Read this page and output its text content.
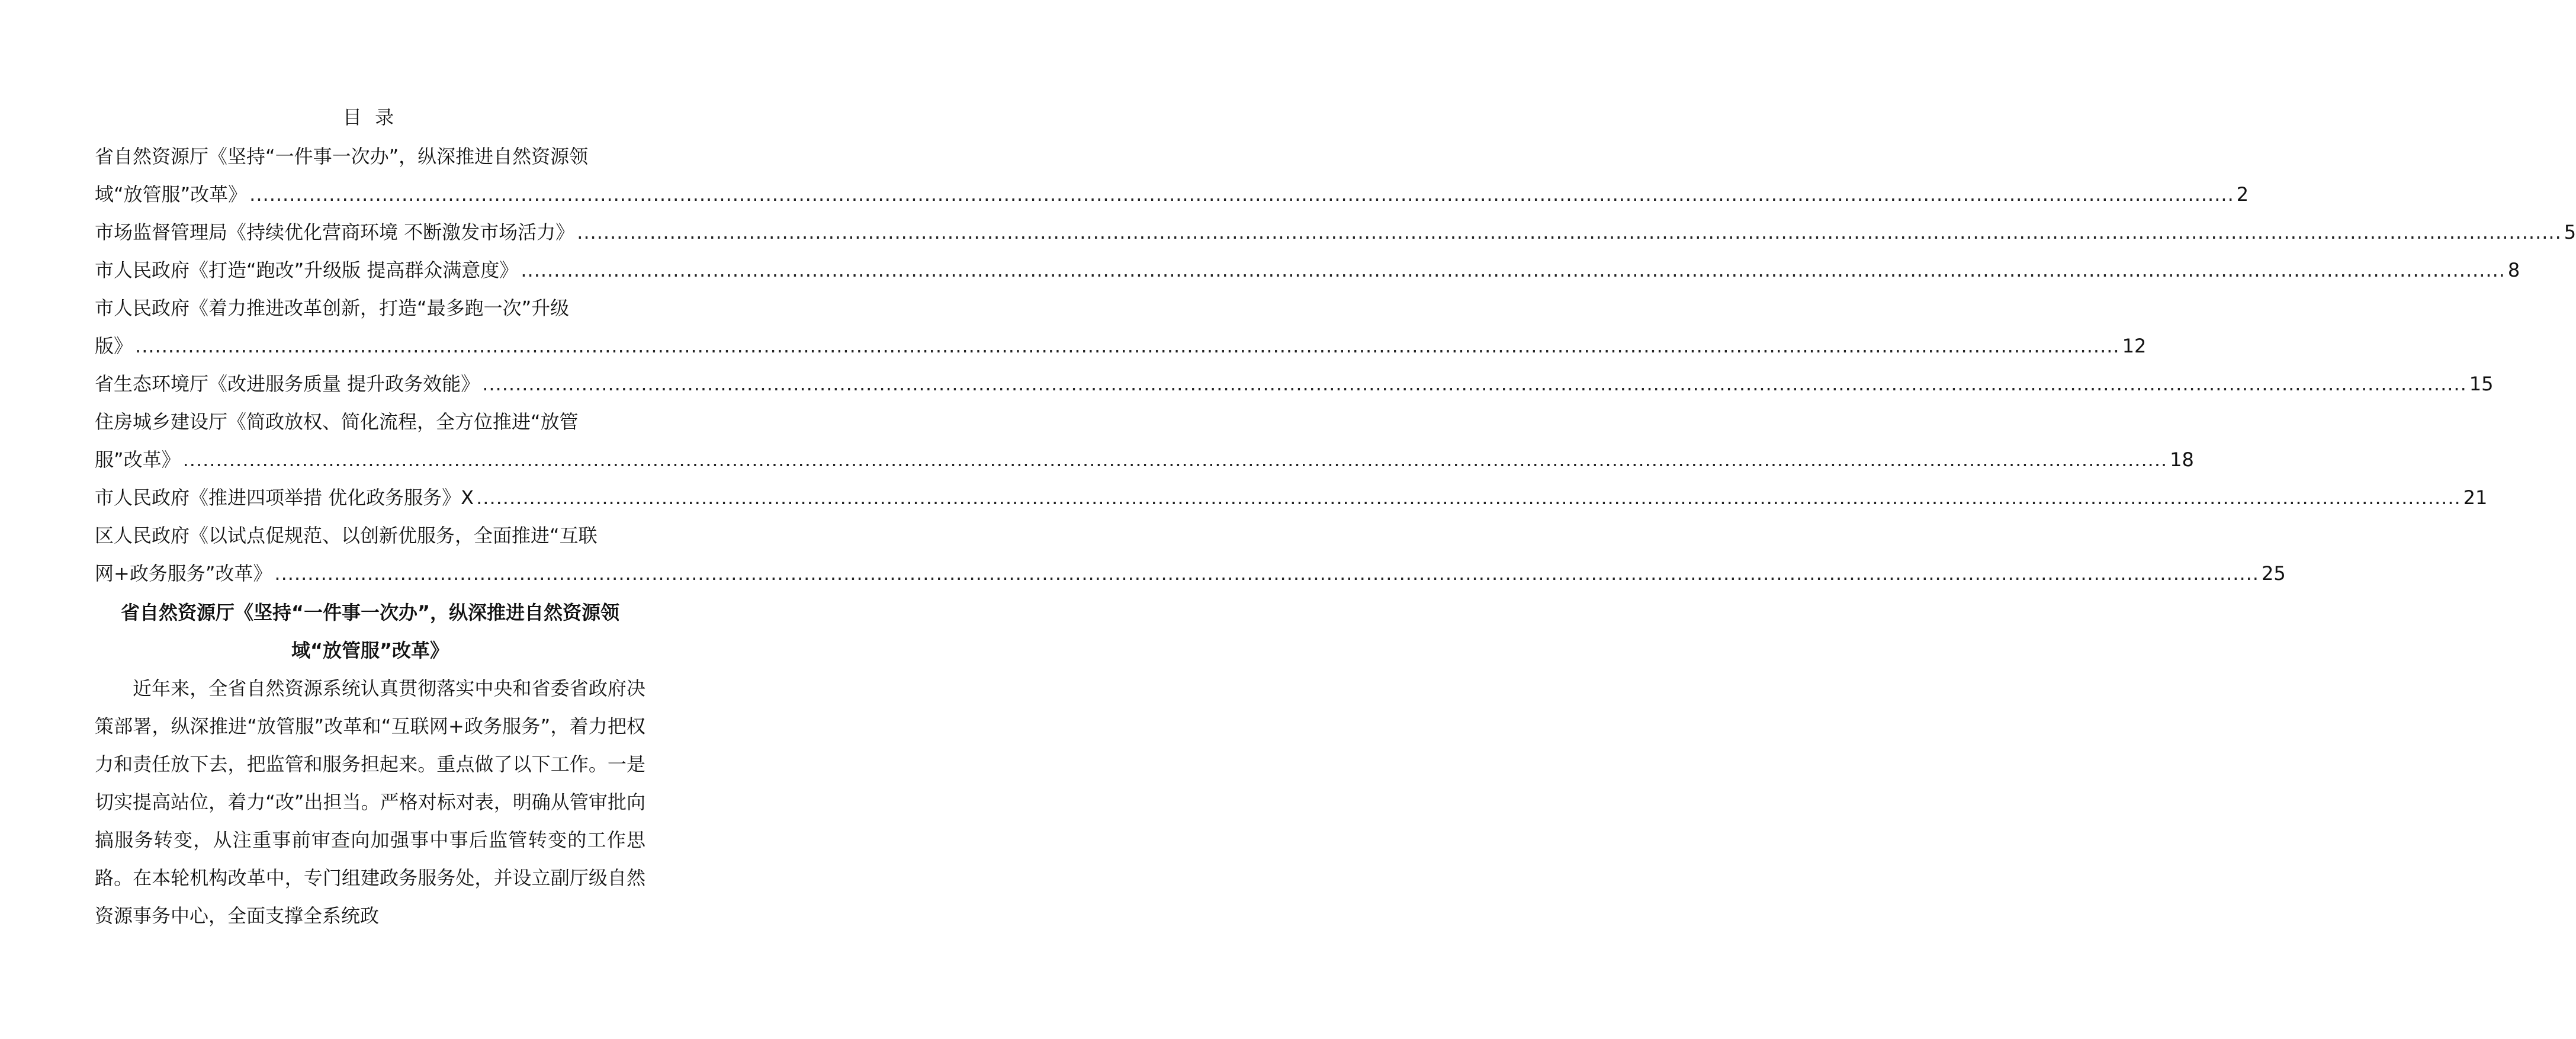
目 录
省自然资源厅《坚持“一件事一次办”，纵深推进自然资源领
域“放管服”改革》 ............................................................................................................................................................................................................................................................................................................ 2
市场监督管理局《持续优化营商环境 不断激发市场活力》 ............................................................................................................................................................................................................................................................................................................ 5
市人民政府《打造“跑改”升级版 提高群众满意度》 ............................................................................................................................................................................................................................................................................................................ 8
市人民政府《着力推进改革创新，打造“最多跑一次”升级
版》 ............................................................................................................................................................................................................................................................................................................ 12
省生态环境厅《改进服务质量 提升政务效能》 ............................................................................................................................................................................................................................................................................................................ 15
住房城乡建设厅《简政放权、简化流程，全方位推进“放管
服”改革》 ............................................................................................................................................................................................................................................................................................................ 18
市人民政府《推进四项举措 优化政务服务》X ............................................................................................................................................................................................................................................................................................................ 21
区人民政府《以试点促规范、以创新优服务，全面推进“互联
网+政务服务”改革》 ............................................................................................................................................................................................................................................................................................................ 25
省自然资源厅《坚持“一件事一次办”，纵深推进自然资源领
域“放管服”改革》

近年来，全省自然资源系统认真贯彻落实中央和省委省政府决策部署，纵深推进“放管服”改革和“互联网+政务服务”，着力把权力和责任放下去，把监管和服务担起来。重点做了以下工作。一是切实提高站位，着力“改”出担当。严格对标对表，明确从管审批向搞服务转变，从注重事前审查向加强事中事后监管转变的工作思路。在本轮机构改革中，专门组建政务服务处，并设立副厅级自然资源事务中心，全面支撑全系统政
